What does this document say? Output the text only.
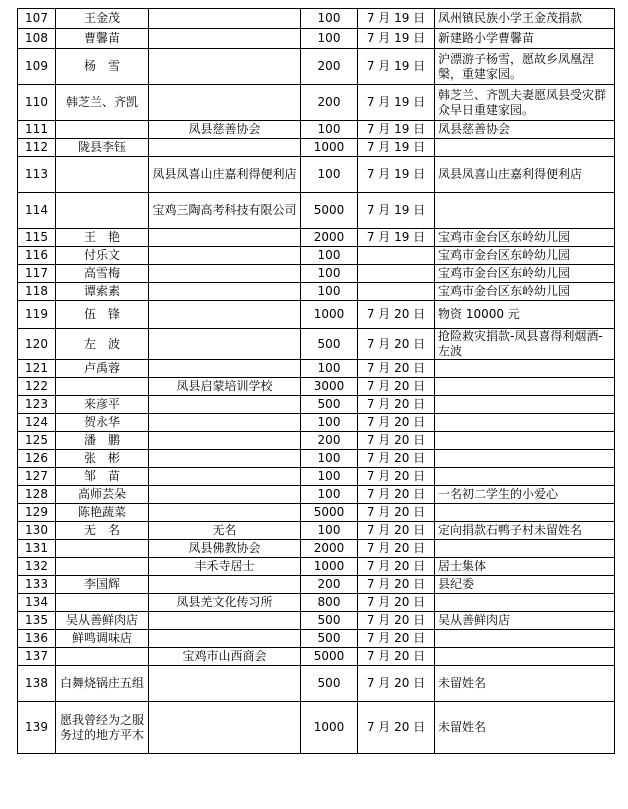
107	王金茂		100	7 月 19 日	凤州镇民族小学王金茂捐款
108	曹馨苗		100	7 月 19 日	新建路小学曹馨苗
109	杨　雪		200	7 月 19 日	沪漂游子杨雪，愿故乡凤凰涅槃，重建家园。
110	韩芝兰、齐凯		200	7 月 19 日	韩芝兰、齐凯夫妻愿凤县受灾群众早日重建家园。
111		凤县慈善协会	100	7 月 19 日	凤县慈善协会
112	陇县李钰		1000	7 月 19 日	
113		凤县凤喜山庄嘉利得便利店	100	7 月 19 日	凤县凤喜山庄嘉利得便利店
114		宝鸡三陶高考科技有限公司	5000	7 月 19 日	
115	王　艳		2000	7 月 19 日	宝鸡市金台区东岭幼儿园
116	付乐文		100		宝鸡市金台区东岭幼儿园
117	高雪梅		100		宝鸡市金台区东岭幼儿园
118	谭索素		100		宝鸡市金台区东岭幼儿园
119	伍　锋		1000	7 月 20 日	物资 10000 元
120	左　波		500	7 月 20 日	抢险救灾捐款-凤县喜得利烟酒-左波
121	卢禹蓉		100	7 月 20 日	
122		凤县启蒙培训学校	3000	7 月 20 日	
123	来彦平		500	7 月 20 日	
124	贺永华		100	7 月 20 日	
125	潘　鹏		200	7 月 20 日	
126	张　彬		100	7 月 20 日	
127	邹　苗		100	7 月 20 日	
128	高师芸朵		100	7 月 20 日	一名初二学生的小爱心
129	陈艳蔬菜		5000	7 月 20 日	
130	无　名	无名	100	7 月 20 日	定向捐款石鸭子村未留姓名
131		凤县佛教协会	2000	7 月 20 日	
132		丰禾寺居士	1000	7 月 20 日	居士集体
133	李国辉		200	7 月 20 日	县纪委
134		凤县羌文化传习所	800	7 月 20 日	
135	吴从善鲜肉店		500	7 月 20 日	吴从善鲜肉店
136	鲜鸣调味店		500	7 月 20 日	
137		宝鸡市山西商会	5000	7 月 20 日	
138	白舞烧锅庄五组		500	7 月 20 日	未留姓名
139	愿我曾经为之服务过的地方平木		1000	7 月 20 日	未留姓名
